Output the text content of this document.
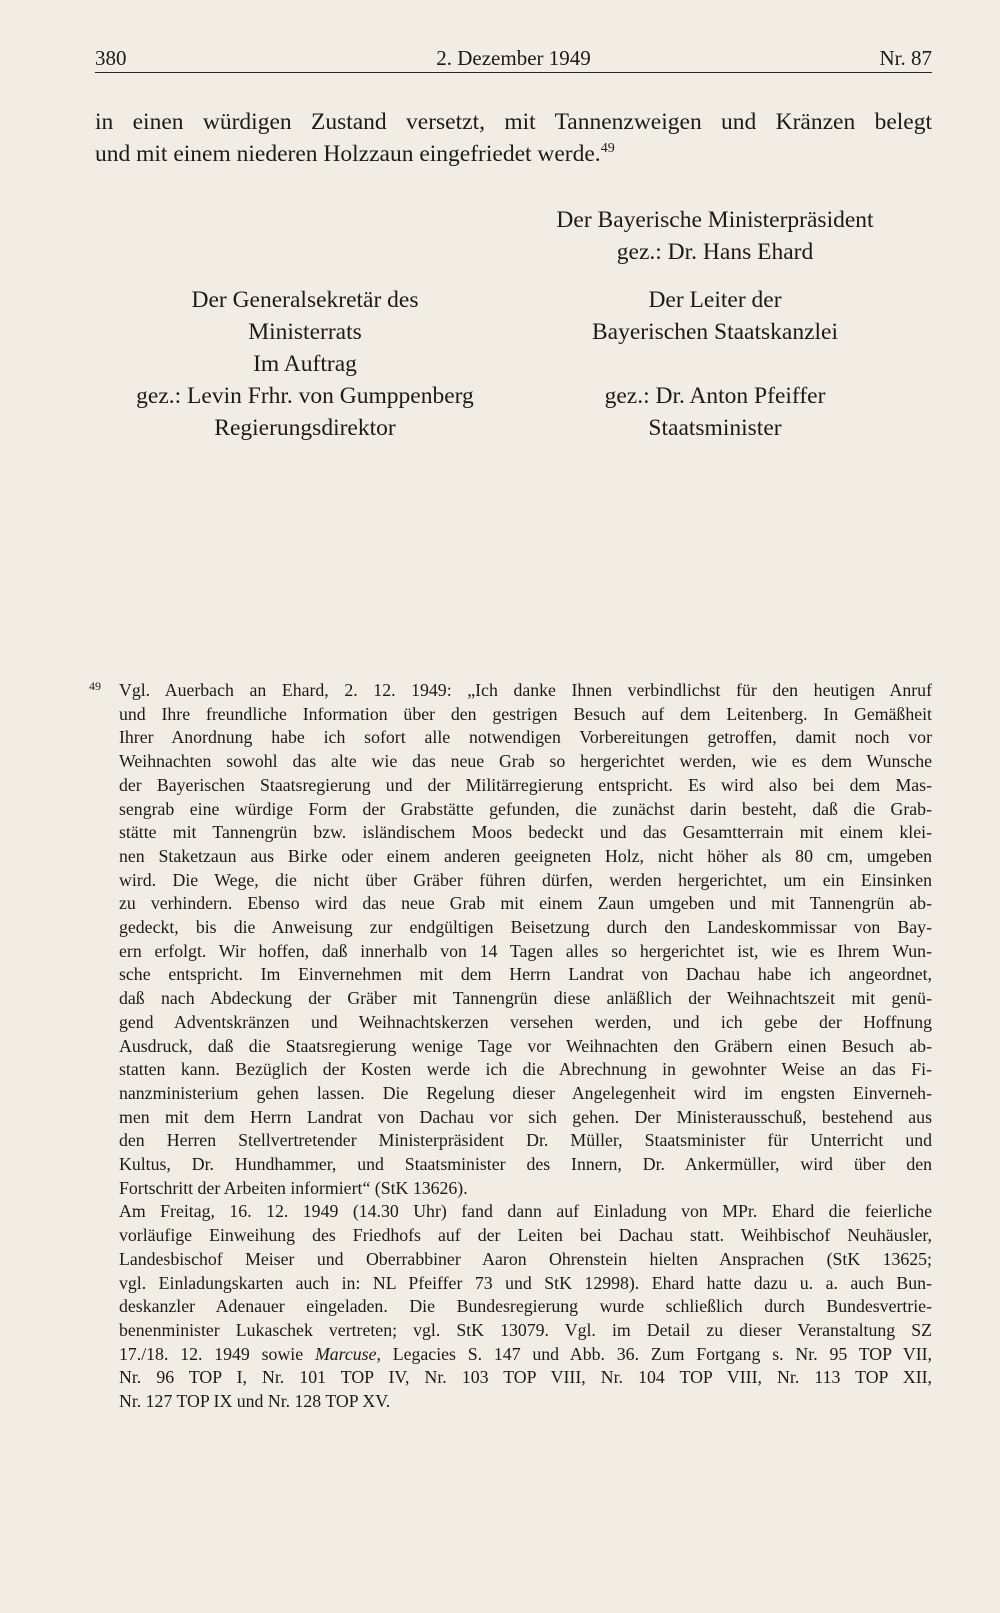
380	2. Dezember 1949	Nr. 87
in einen würdigen Zustand versetzt, mit Tannenzweigen und Kränzen belegt
und mit einem niederen Holzzaun eingefriedet werde.$^{49}$
Der Bayerische Ministerpräsident
gez.: Dr. Hans Ehard
Der Generalsekretär des
Ministerrats
Im Auftrag
gez.: Levin Frhr. von Gumppenberg
Regierungsdirektor
Der Leiter der
Bayerischen Staatskanzlei
gez.: Dr. Anton Pfeiffer
Staatsminister
49 Vgl. Auerbach an Ehard, 2. 12. 1949: „Ich danke Ihnen verbindlichst für den heutigen Anruf
und Ihre freundliche Information über den gestrigen Besuch auf dem Leitenberg. In Gemäßheit
Ihrer Anordnung habe ich sofort alle notwendigen Vorbereitungen getroffen, damit noch vor
Weihnachten sowohl das alte wie das neue Grab so hergerichtet werden, wie es dem Wunsche
der Bayerischen Staatsregierung und der Militärregierung entspricht. Es wird also bei dem Mas-
sengrab eine würdige Form der Grabstätte gefunden, die zunächst darin besteht, daß die Grab-
stätte mit Tannengrün bzw. isländischem Moos bedeckt und das Gesamtterrain mit einem klei-
nen Staketzaun aus Birke oder einem anderen geeigneten Holz, nicht höher als 80 cm, umgeben
wird. Die Wege, die nicht über Gräber führen dürfen, werden hergerichtet, um ein Einsinken
zu verhindern. Ebenso wird das neue Grab mit einem Zaun umgeben und mit Tannengrün ab-
gedeckt, bis die Anweisung zur endgültigen Beisetzung durch den Landeskommissar von Bay-
ern erfolgt. Wir hoffen, daß innerhalb von 14 Tagen alles so hergerichtet ist, wie es Ihrem Wun-
sche entspricht. Im Einvernehmen mit dem Herrn Landrat von Dachau habe ich angeordnet,
daß nach Abdeckung der Gräber mit Tannengrün diese anläßlich der Weihnachtszeit mit genü-
gend Adventskränzen und Weihnachtskerzen versehen werden, und ich gebe der Hoffnung
Ausdruck, daß die Staatsregierung wenige Tage vor Weihnachten den Gräbern einen Besuch ab-
statten kann. Bezüglich der Kosten werde ich die Abrechnung in gewohnter Weise an das Fi-
nanzministerium gehen lassen. Die Regelung dieser Angelegenheit wird im engsten Einverneh-
men mit dem Herrn Landrat von Dachau vor sich gehen. Der Ministerausschuß, bestehend aus
den Herren Stellvertretender Ministerpräsident Dr. Müller, Staatsminister für Unterricht und
Kultus, Dr. Hundhammer, und Staatsminister des Innern, Dr. Ankermüller, wird über den
Fortschritt der Arbeiten informiert“ (StK 13626).
Am Freitag, 16. 12. 1949 (14.30 Uhr) fand dann auf Einladung von MPr. Ehard die feierliche
vorläufige Einweihung des Friedhofs auf der Leiten bei Dachau statt. Weihbischof Neuhäusler,
Landesbischof Meiser und Oberrabbiner Aaron Ohrenstein hielten Ansprachen (StK 13625;
vgl. Einladungskarten auch in: NL Pfeiffer 73 und StK 12998). Ehard hatte dazu u. a. auch Bun-
deskanzler Adenauer eingeladen. Die Bundesregierung wurde schließlich durch Bundesvertrie-
benenminister Lukaschek vertreten; vgl. StK 13079. Vgl. im Detail zu dieser Veranstaltung SZ
17./18. 12. 1949 sowie Marcuse, Legacies S. 147 und Abb. 36. Zum Fortgang s. Nr. 95 TOP VII,
Nr. 96 TOP I, Nr. 101 TOP IV, Nr. 103 TOP VIII, Nr. 104 TOP VIII, Nr. 113 TOP XII,
Nr. 127 TOP IX und Nr. 128 TOP XV.
